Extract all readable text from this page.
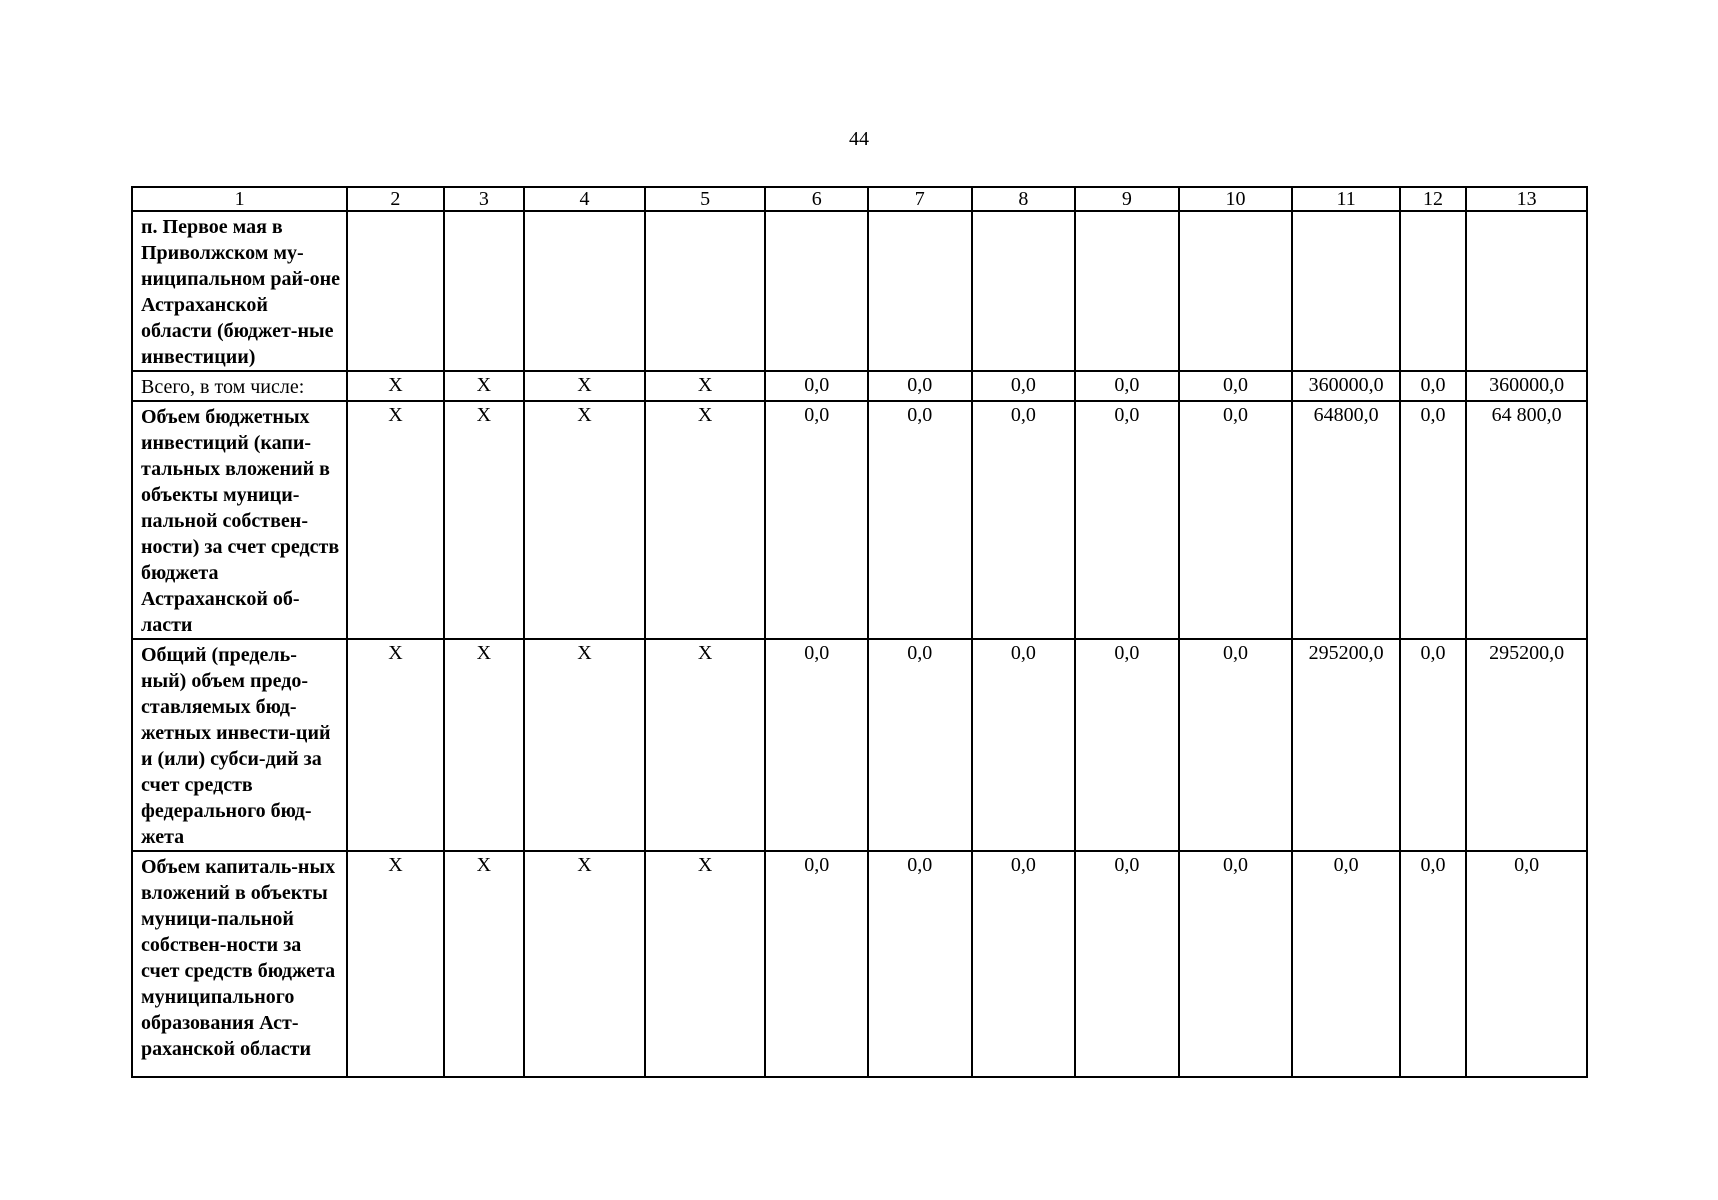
44
1	2	3	4	5	6	7	8	9	10	11	12	13
п. Первое мая в Приволжском му-ниципальном рай-оне Астраханской области (бюджет-ные инвестиции)												
Всего, в том числе:	X	X	X	X	0,0	0,0	0,0	0,0	0,0	360000,0	0,0	360000,0
Объем бюджетных инвестиций (капи-тальных вложений в объекты муници-пальной собствен-ности) за счет средств бюджета Астраханской об-ласти	X	X	X	X	0,0	0,0	0,0	0,0	0,0	64800,0	0,0	64 800,0
Общий (предель-ный) объем предо-ставляемых бюд-жетных инвести-ций и (или) субси-дий за счет средств федерального бюд-жета	X	X	X	X	0,0	0,0	0,0	0,0	0,0	295200,0	0,0	295200,0
Объем капиталь-ных вложений в объекты муници-пальной собствен-ности за счет средств бюджета муниципального образования Аст-раханской области	X	X	X	X	0,0	0,0	0,0	0,0	0,0	0,0	0,0	0,0
